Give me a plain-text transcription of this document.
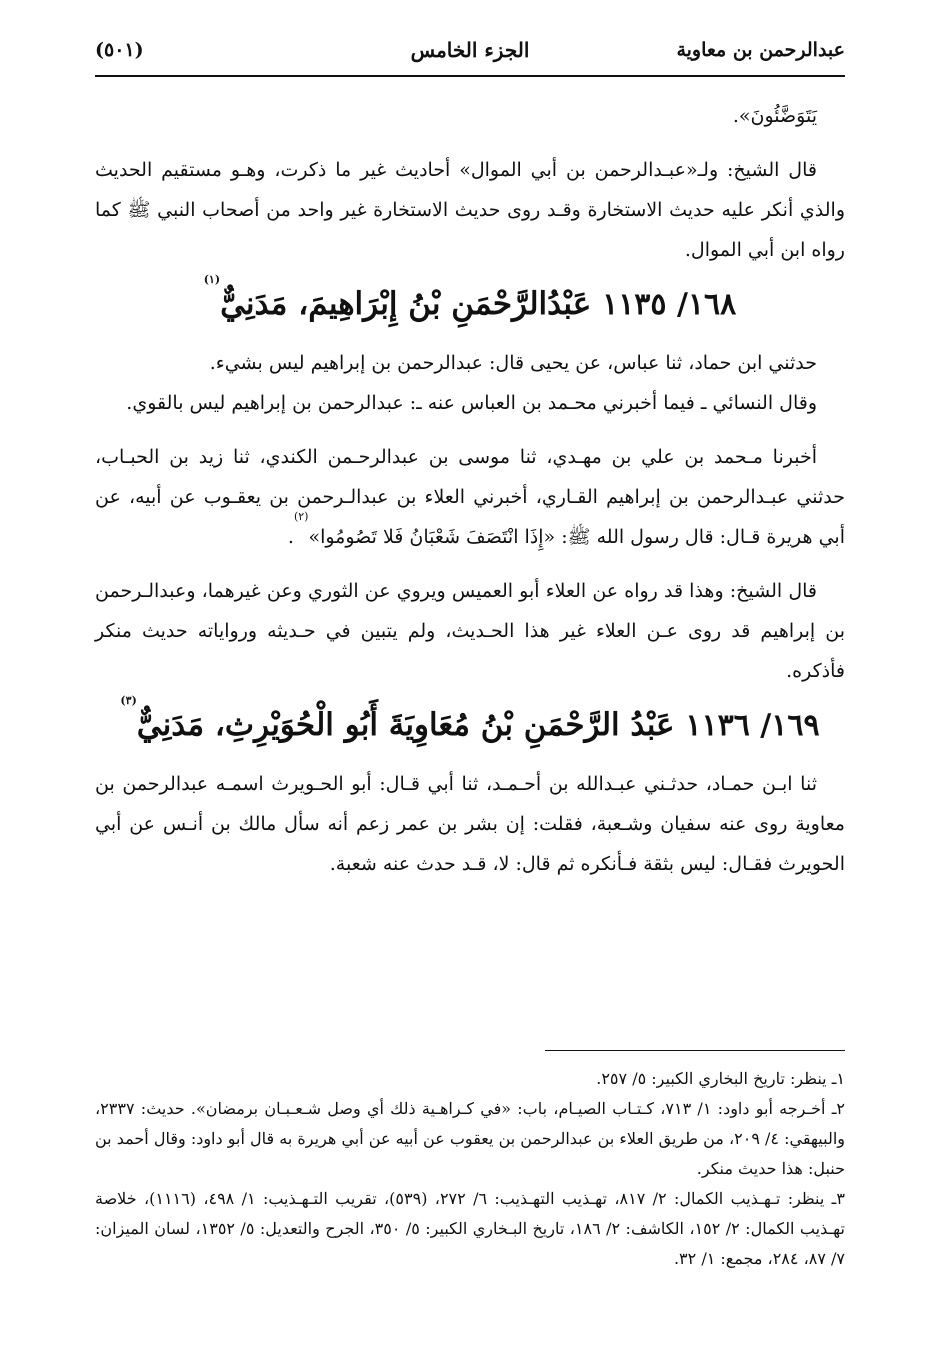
عبدالرحمن بن معاوية
الجزء الخامس
(٥٠١)

يَتَوَضَّئُونَ».

قال الشيخ: ولـ«عبـدالرحمن بن أبي الموال» أحاديث غير ما ذكرت، وهـو مستقيم الحديث والذي أنكر عليه حديث الاستخارة وقـد روى حديث الاستخارة غير واحد من أصحاب النبي ﷺ كما رواه ابن أبي الموال.

١٦٨/ ١١٣٥ عَبْدُالرَّحْمَنِ بْنُ إِبْرَاهِيمَ، مَدَنِيٌّ$^{(١)}$

حدثني ابن حماد، ثنا عباس، عن يحيى قال: عبدالرحمن بن إبراهيم ليس بشيء.

وقال النسائي ـ فيما أخبرني محـمد بن العباس عنه ـ: عبدالرحمن بن إبراهيم ليس بالقوي.

أخبرنا مـحمد بن علي بن مهـدي، ثنا موسى بن عبدالرحـمن الكندي، ثنا زيد بن الحبـاب، حدثني عبـدالرحمن بن إبراهيم القـاري، أخبرني العلاء بن عبدالـرحمن بن يعقـوب عن أبيه، عن أبي هريرة قـال: قال رسول الله ﷺ: «إِذَا انْتَصَفَ شَعْبَانُ فَلا تَصُومُوا»$^{(٢)}$.

قال الشيخ: وهذا قد رواه عن العلاء أبو العميس ويروي عن الثوري وعن غيرهما، وعبدالـرحمن بن إبراهيم قد روى عـن العلاء غير هذا الحـديث، ولم يتبين في حـديثه ورواياته حديث منكر فأذكره.

١٦٩/ ١١٣٦ عَبْدُ الرَّحْمَنِ بْنُ مُعَاوِيَةَ أَبُو الْحُوَيْرِثِ، مَدَنِيٌّ$^{(٣)}$

ثنا ابـن حمـاد، حدثـني عبـدالله بن أحـمـد، ثنا أبي قـال: أبو الحـويرث اسمـه عبدالرحمن بن معاوية روى عنه سفيان وشـعبة، فقلت: إن بشر بن عمر زعم أنه سأل مالك بن أنـس عن أبي الحويرث فقـال: ليس بثقة فـأنكره ثم قال: لا، قـد حدث عنه شعبة.

١ـ ينظر: تاريخ البخاري الكبير: ٥/ ٢٥٧.

٢ـ أخـرجه أبو داود: ١/ ٧١٣، كـتـاب الصيـام، باب: «في كـراهـية ذلك أي وصل شـعـبـان برمضان». حديث: ٢٣٣٧، والبيهقي: ٤/ ٢٠٩، من طريق العلاء بن عبدالرحمن بن يعقوب عن أبيه عن أبي هريرة به قال أبو داود: وقال أحمد بن حنبل: هذا حديث منكر.

٣ـ ينظر: تـهـذيب الكمال: ٢/ ٨١٧، تهـذيب التهـذيب: ٦/ ٢٧٢، (٥٣٩)، تقريب التـهـذيب: ١/ ٤٩٨، (١١١٦)، خلاصة تهـذيب الكمال: ٢/ ١٥٢، الكاشف: ٢/ ١٨٦، تاريخ البـخاري الكبير: ٥/ ٣٥٠، الجرح والتعديل: ٥/ ١٣٥٢، لسان الميزان: ٧/ ٨٧، ٢٨٤، مجمع: ١/ ٣٢.
